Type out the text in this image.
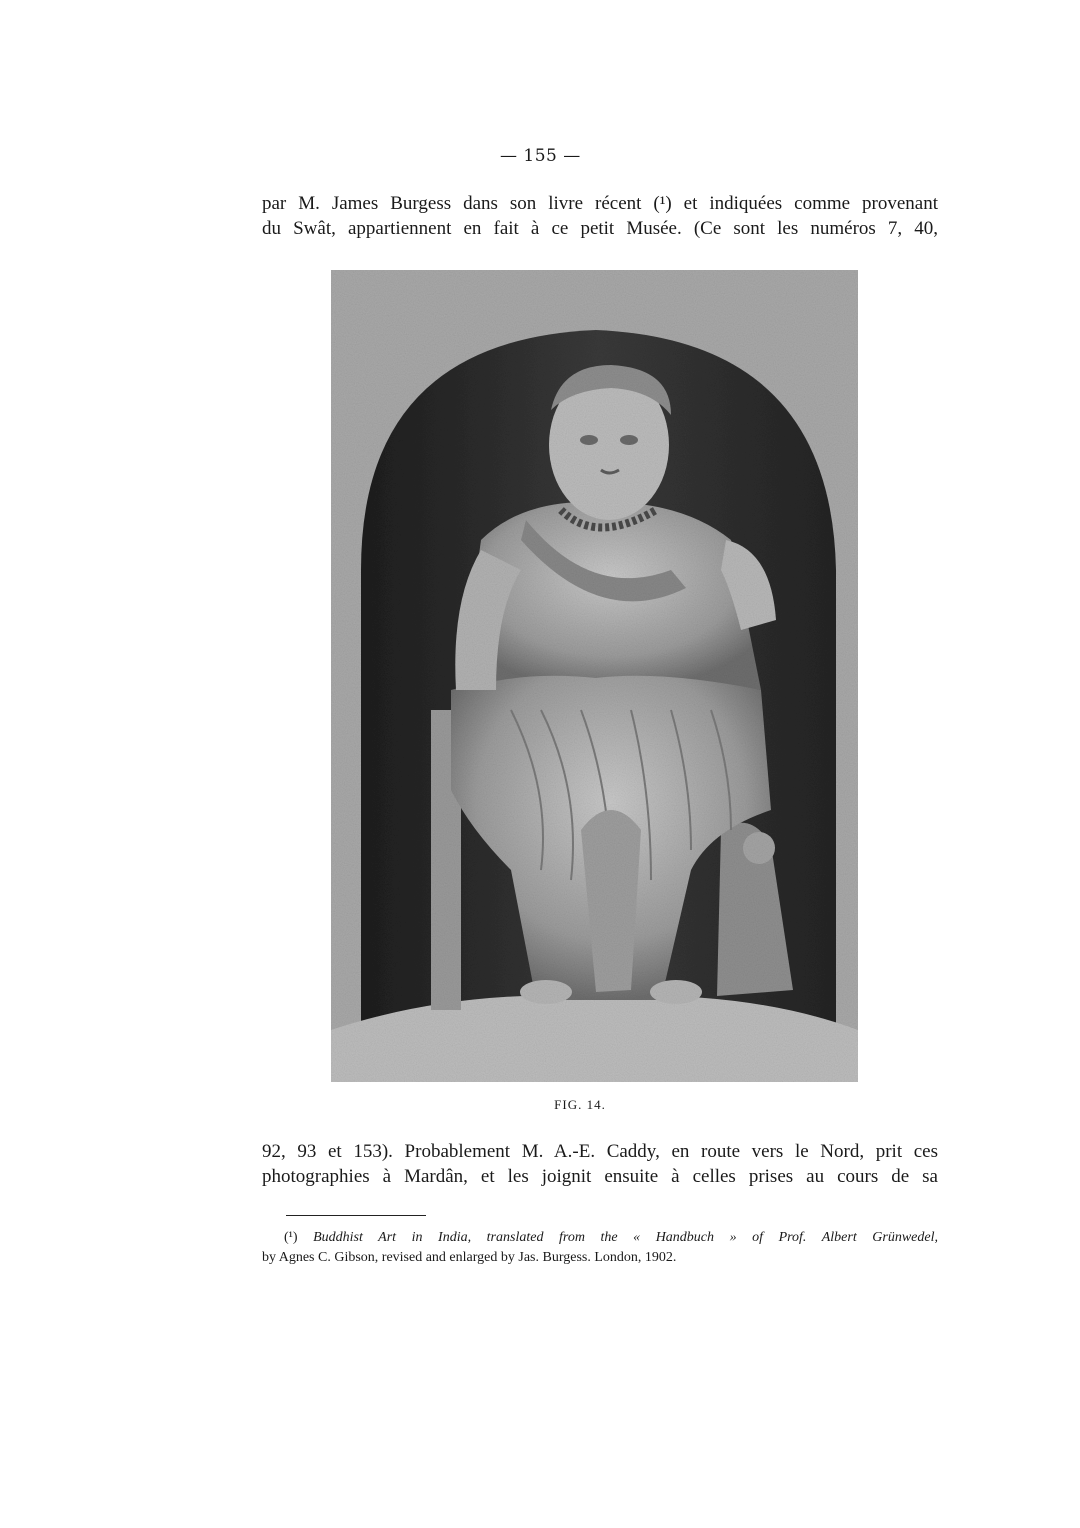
— 155 —
par M. James Burgess dans son livre récent (¹) et indiquées comme provenant
du Swât, appartiennent en fait à ce petit Musée. (Ce sont les numéros 7, 40,
FIG. 14.
92, 93 et 153). Probablement M. A.-E. Caddy, en route vers le Nord, prit ces
photographies à Mardân, et les joignit ensuite à celles prises au cours de sa
(¹) Buddhist Art in India, translated from the « Handbuch » of Prof. Albert Grünwedel,
by Agnes C. Gibson, revised and enlarged by Jas. Burgess. London, 1902.
